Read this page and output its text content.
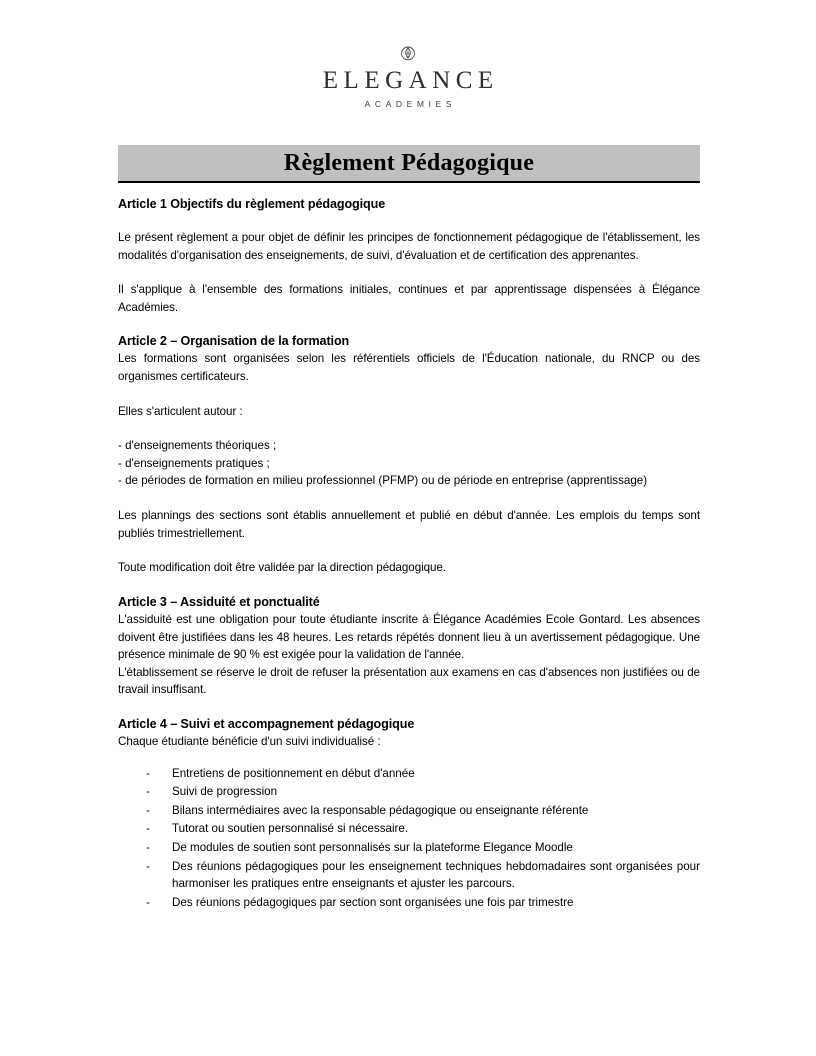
ELEGANCE
ACADEMIES
Règlement Pédagogique
Article 1 Objectifs du règlement pédagogique

Le présent règlement a pour objet de définir les principes de fonctionnement pédagogique de l'établissement, les modalités d'organisation des enseignements, de suivi, d'évaluation et de certification des apprenantes.

Il s'applique à l'ensemble des formations initiales, continues et par apprentissage dispensées à Élégance Académies.

Article 2 – Organisation de la formation

Les formations sont organisées selon les référentiels officiels de l'Éducation nationale, du RNCP ou des organismes certificateurs.

Elles s'articulent autour :

- d'enseignements théoriques ;
- d'enseignements pratiques ;
- de périodes de formation en milieu professionnel (PFMP) ou de période en entreprise (apprentissage)

Les plannings des sections sont établis annuellement et publié en début d'année. Les emplois du temps sont publiés trimestriellement.

Toute modification doit être validée par la direction pédagogique.

Article 3 – Assiduité et ponctualité

L'assiduité est une obligation pour toute étudiante inscrite à Élégance Académies Ecole Gontard. Les absences doivent être justifiées dans les 48 heures. Les retards répétés donnent lieu à un avertissement pédagogique. Une présence minimale de 90 % est exigée pour la validation de l'année.

L'établissement se réserve le droit de refuser la présentation aux examens en cas d'absences non justifiées ou de travail insuffisant.

Article 4 – Suivi et accompagnement pédagogique

Chaque étudiante bénéficie d'un suivi individualisé :

- Entretiens de positionnement en début d'année
- Suivi de progression
- Bilans intermédiaires avec la responsable pédagogique ou enseignante référente
- Tutorat ou soutien personnalisé si nécessaire.
- De modules de soutien sont personnalisés sur la plateforme Elegance Moodle
- Des réunions pédagogiques pour les enseignement techniques hebdomadaires sont organisées pour harmoniser les pratiques entre enseignants et ajuster les parcours.
- Des réunions pédagogiques par section sont organisées une fois par trimestre
